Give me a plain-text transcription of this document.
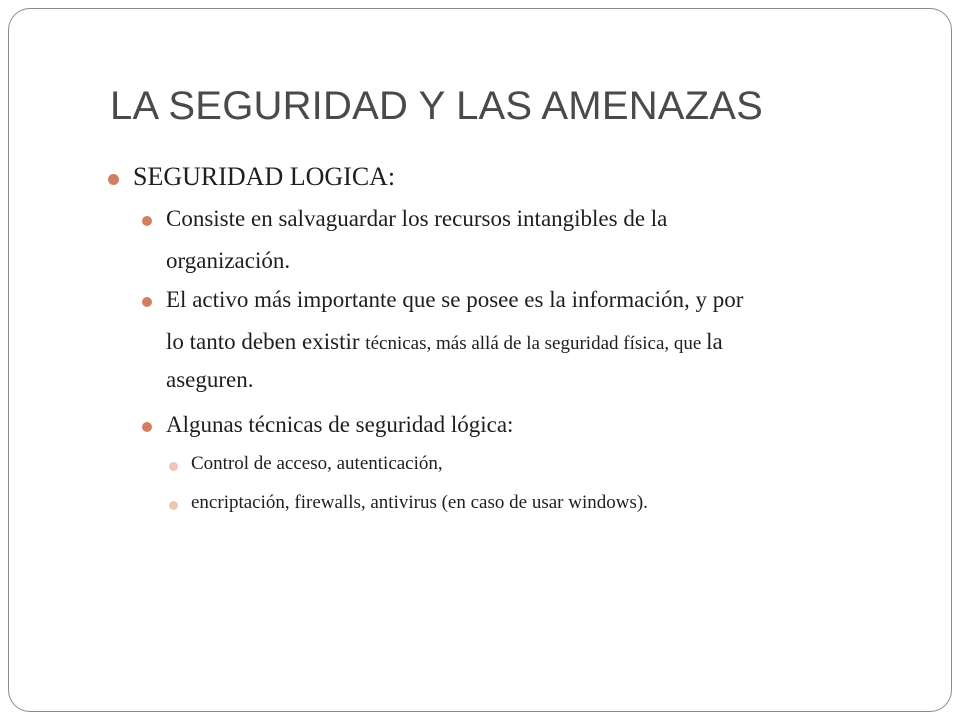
LA SEGURIDAD Y LAS AMENAZAS
SEGURIDAD LOGICA:
Consiste en salvaguardar los recursos intangibles de la
organización.
El activo más importante que se posee es la información, y por
lo tanto deben existir técnicas, más allá de la seguridad física, que la
aseguren.
Algunas técnicas de seguridad lógica:
Control de acceso, autenticación,
encriptación, firewalls, antivirus (en caso de usar windows).
